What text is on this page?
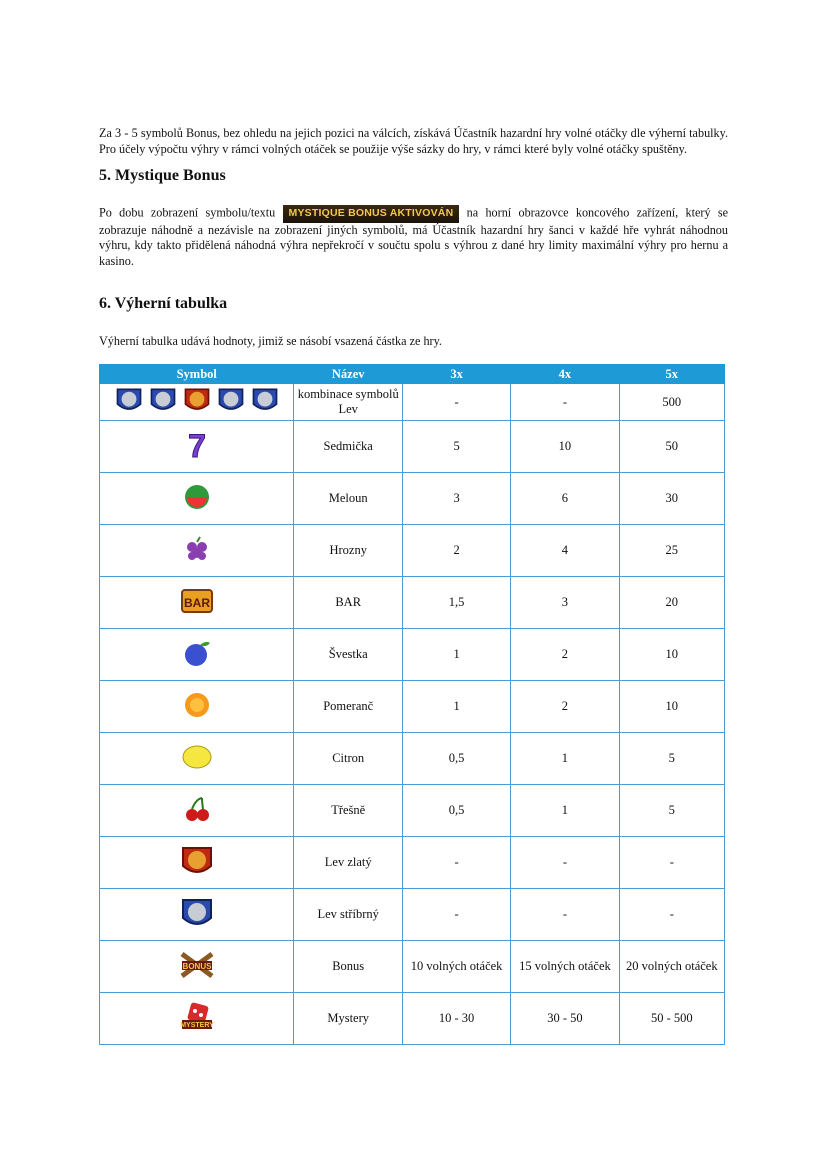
Za 3 - 5 symbolů Bonus, bez ohledu na jejich pozici na válcích, získává Účastník hazardní hry volné otáčky dle výherní tabulky. Pro účely výpočtu výhry v rámci volných otáček se použije výše sázky do hry, v rámci které byly volné otáčky spuštěny.

5. Mystique Bonus

Po dobu zobrazení symbolu/textu MYSTIQUE BONUS AKTIVOVÁN na horní obrazovce koncového zařízení, který se zobrazuje náhodně a nezávisle na zobrazení jiných symbolů, má Účastník hazardní hry šanci v každé hře vyhrát náhodnou výhru, kdy takto přidělená náhodná výhra nepřekročí v součtu spolu s výhrou z dané hry limity maximální výhry pro hernu a kasino.

6. Výherní tabulka

Výherní tabulka udává hodnoty, jimiž se násobí vsazená částka ze hry.

Symbol	Název	3x	4x	5x
	kombinace symbolů Lev	-	-	500

7	Sedmička	5	10	50
	Meloun	3	6	30
	Hrozny	2	4	25

BAR	BAR	1,5	3	20
	Švestka	1	2	10
	Pomeranč	1	2	10
	Citron	0,5	1	5
	Třešně	0,5	1	5
	Lev zlatý	-	-	-
	Lev stříbrný	-	-	-

BONUS	Bonus	10 volných otáček	15 volných otáček	20 volných otáček

MYSTERY	Mystery	10 - 30	30 - 50	50 - 500
